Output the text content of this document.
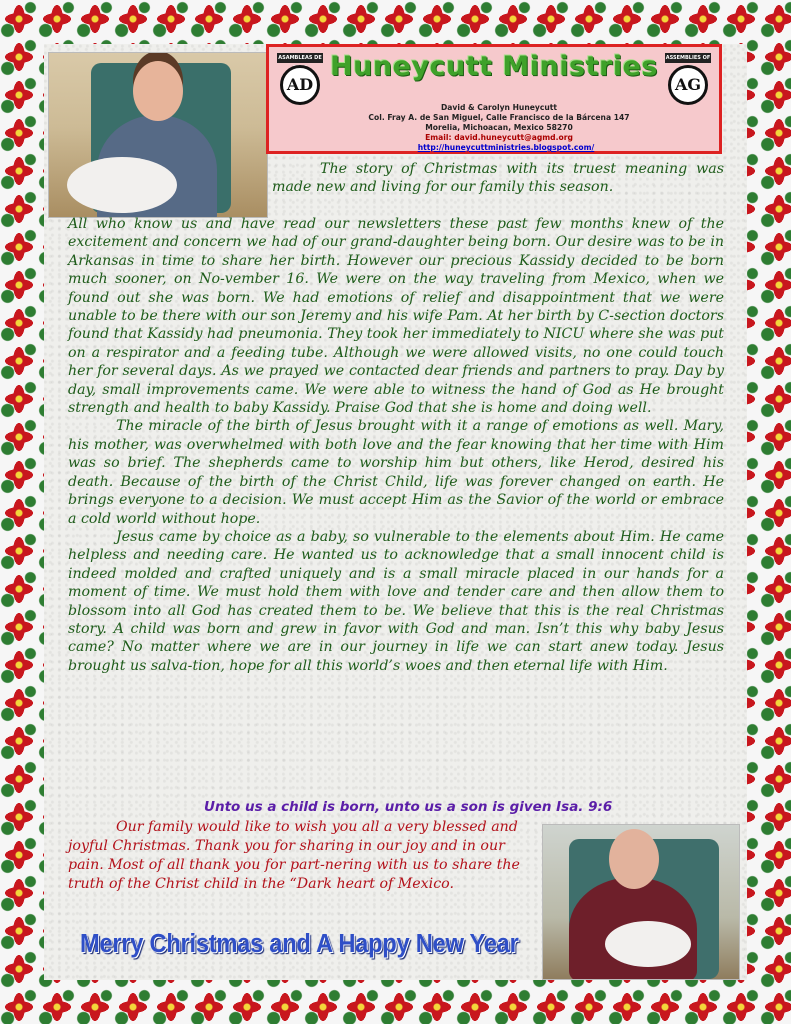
ASAMBLEAS DE
AD
Huneycutt Ministries
David & Carolyn Huneycutt
Col. Fray A. de San Miguel, Calle Francisco de la Bárcena 147
Morelia, Michoacan, Mexico 58270
Email: david.huneycutt@agmd.org http://huneycuttministries.blogspot.com/
ASSEMBLIES OF
AG

The story of Christmas with its truest meaning was made new and living for our family this season.

All who know us and have read our newsletters these past few months knew of the excitement and concern we had of our grand-daughter being born. Our desire was to be in Arkansas in time to share her birth. However our precious Kassidy decided to be born much sooner, on No-vember 16. We were on the way traveling from Mexico, when we found out she was born. We had emotions of relief and disappointment that we were unable to be there with our son Jeremy and his wife Pam. At her birth by C-section doctors found that Kassidy had pneumonia. They took her immediately to NICU where she was put on a respirator and a feeding tube. Although we were allowed visits, no one could touch her for several days. As we prayed we contacted dear friends and partners to pray. Day by day, small improvements came. We were able to witness the hand of God as He brought strength and health to baby Kassidy. Praise God that she is home and doing well.

The miracle of the birth of Jesus brought with it a range of emotions as well. Mary, his mother, was overwhelmed with both love and the fear knowing that her time with Him was so brief. The shepherds came to worship him but others, like Herod, desired his death. Because of the birth of the Christ Child, life was forever changed on earth. He brings everyone to a decision. We must accept Him as the Savior of the world or embrace a cold world without hope.

Jesus came by choice as a baby, so vulnerable to the elements about Him. He came helpless and needing care. He wanted us to acknowledge that a small innocent child is indeed molded and crafted uniquely and is a small miracle placed in our hands for a moment of time. We must hold them with love and tender care and then allow them to blossom into all God has created them to be. We believe that this is the real Christmas story. A child was born and grew in favor with God and man. Isn’t this why baby Jesus came? No matter where we are in our journey in life we can start anew today. Jesus brought us salva-tion, hope for all this world’s woes and then eternal life with Him.

Unto us a child is born, unto us a son is given Isa. 9:6

Our family would like to wish you all a very blessed and joyful Christmas. Thank you for sharing in our joy and in our pain. Most of all thank you for part-nering with us to share the truth of the Christ child in the “Dark heart of Mexico.

Merry Christmas and A Happy New Year
